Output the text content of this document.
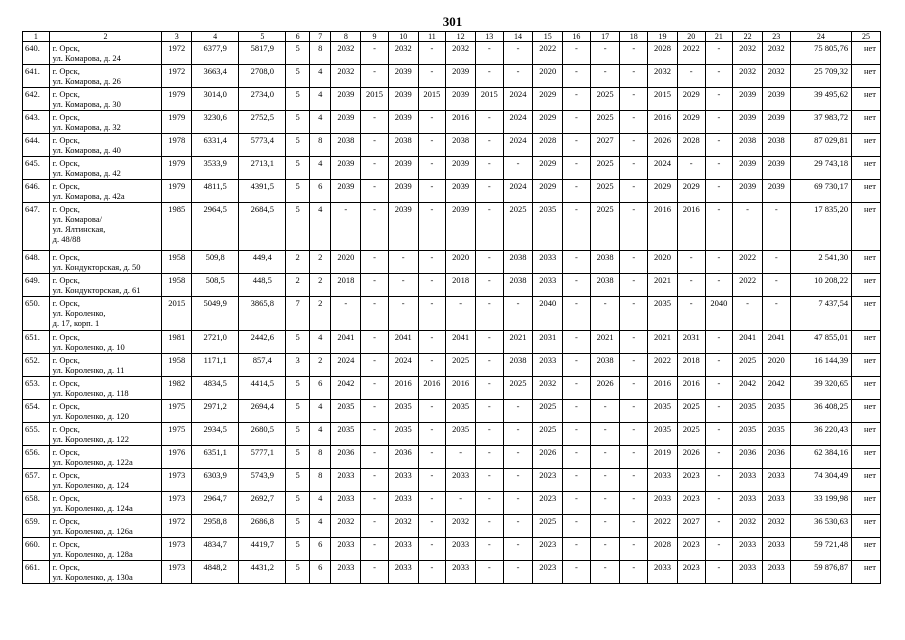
301
1	2	3	4	5	6	7	8	9	10	11	12	13	14	15	16	17	18	19	20	21	22	23	24	25
640.	г. Орск,
ул. Комарова, д. 24	1972	6377,9	5817,9	5	8	2032	-	2032	-	2032	-	-	2022	-	-	-	2028	2022	-	2032	2032	75 805,76	нет
641.	г. Орск,
ул. Комарова, д. 26	1972	3663,4	2708,0	5	4	2032	-	2039	-	2039	-	-	2020	-	-	-	2032	-	-	2032	2032	25 709,32	нет
642.	г. Орск,
ул. Комарова, д. 30	1979	3014,0	2734,0	5	4	2039	2015	2039	2015	2039	2015	2024	2029	-	2025	-	2015	2029	-	2039	2039	39 495,62	нет
643.	г. Орск,
ул. Комарова, д. 32	1979	3230,6	2752,5	5	4	2039	-	2039	-	2016	-	2024	2029	-	2025	-	2016	2029	-	2039	2039	37 983,72	нет
644.	г. Орск,
ул. Комарова, д. 40	1978	6331,4	5773,4	5	8	2038	-	2038	-	2038	-	2024	2028	-	2027	-	2026	2028	-	2038	2038	87 029,81	нет
645.	г. Орск,
ул. Комарова, д. 42	1979	3533,9	2713,1	5	4	2039	-	2039	-	2039	-	-	2029	-	2025	-	2024	-	-	2039	2039	29 743,18	нет
646.	г. Орск,
ул. Комарова, д. 42а	1979	4811,5	4391,5	5	6	2039	-	2039	-	2039	-	2024	2029	-	2025	-	2029	2029	-	2039	2039	69 730,17	нет
647.	г. Орск,
ул. Комарова/
ул. Ялтинская,
д. 48/88	1985	2964,5	2684,5	5	4	-	-	2039	-	2039	-	2025	2035	-	2025	-	2016	2016	-	-	-	17 835,20	нет
648.	г. Орск,
ул. Кондукторская, д. 50	1958	509,8	449,4	2	2	2020	-	-	-	2020	-	2038	2033	-	2038	-	2020	-	-	2022	-	2 541,30	нет
649.	г. Орск,
ул. Кондукторская, д. 61	1958	508,5	448,5	2	2	2018	-	-	-	2018	-	2038	2033	-	2038	-	2021	-	-	2022	-	10 208,22	нет
650.	г. Орск,
ул. Короленко,
д. 17, корп. 1	2015	5049,9	3865,8	7	2	-	-	-	-	-	-	-	2040	-	-	-	2035	-	2040	-	-	7 437,54	нет
651.	г. Орск,
ул. Короленко, д. 10	1981	2721,0	2442,6	5	4	2041	-	2041	-	2041	-	2021	2031	-	2021	-	2021	2031	-	2041	2041	47 855,01	нет
652.	г. Орск,
ул. Короленко, д. 11	1958	1171,1	857,4	3	2	2024	-	2024	-	2025	-	2038	2033	-	2038	-	2022	2018	-	2025	2020	16 144,39	нет
653.	г. Орск,
ул. Короленко, д. 118	1982	4834,5	4414,5	5	6	2042	-	2016	2016	2016	-	2025	2032	-	2026	-	2016	2016	-	2042	2042	39 320,65	нет
654.	г. Орск,
ул. Короленко, д. 120	1975	2971,2	2694,4	5	4	2035	-	2035	-	2035	-	-	2025	-	-	-	2035	2025	-	2035	2035	36 408,25	нет
655.	г. Орск,
ул. Короленко, д. 122	1975	2934,5	2680,5	5	4	2035	-	2035	-	2035	-	-	2025	-	-	-	2035	2025	-	2035	2035	36 220,43	нет
656.	г. Орск,
ул. Короленко, д. 122а	1976	6351,1	5777,1	5	8	2036	-	2036	-	-	-	-	2026	-	-	-	2019	2026	-	2036	2036	62 384,16	нет
657.	г. Орск,
ул. Короленко, д. 124	1973	6303,9	5743,9	5	8	2033	-	2033	-	2033	-	-	2023	-	-	-	2033	2023	-	2033	2033	74 304,49	нет
658.	г. Орск,
ул. Короленко, д. 124а	1973	2964,7	2692,7	5	4	2033	-	2033	-	-	-	-	2023	-	-	-	2033	2023	-	2033	2033	33 199,98	нет
659.	г. Орск,
ул. Короленко, д. 126а	1972	2958,8	2686,8	5	4	2032	-	2032	-	2032	-	-	2025	-	-	-	2022	2027	-	2032	2032	36 530,63	нет
660.	г. Орск,
ул. Короленко, д. 128а	1973	4834,7	4419,7	5	6	2033	-	2033	-	2033	-	-	2023	-	-	-	2028	2023	-	2033	2033	59 721,48	нет
661.	г. Орск,
ул. Короленко, д. 130а	1973	4848,2	4431,2	5	6	2033	-	2033	-	2033	-	-	2023	-	-	-	2033	2023	-	2033	2033	59 876,87	нет
